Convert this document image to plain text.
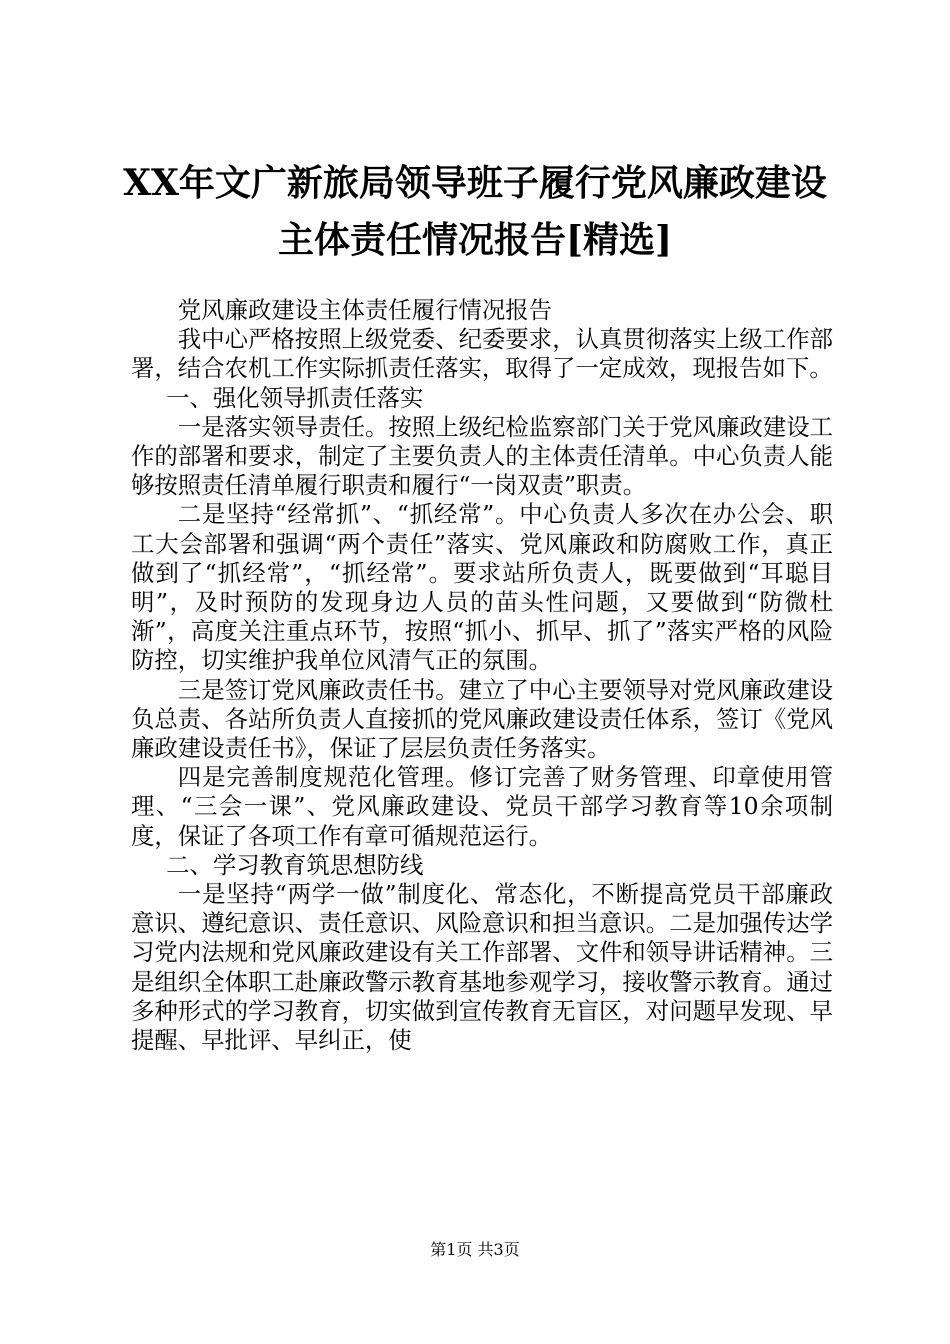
XX年文广新旅局领导班子履行党风廉政建设
主体责任情况报告[精选]

党风廉政建设主体责任履行情况报告

我中心严格按照上级党委、纪委要求，认真贯彻落实上级工作部署，结合农机工作实际抓责任落实，取得了一定成效，现报告如下。

一、强化领导抓责任落实

一是落实领导责任。按照上级纪检监察部门关于党风廉政建设工作的部署和要求，制定了主要负责人的主体责任清单。中心负责人能够按照责任清单履行职责和履行“一岗双责”职责。

二是坚持“经常抓”、“抓经常”。中心负责人多次在办公会、职工大会部署和强调“两个责任”落实、党风廉政和防腐败工作，真正做到了“抓经常”，“抓经常”。要求站所负责人，既要做到“耳聪目明”，及时预防的发现身边人员的苗头性问题，又要做到“防微杜渐”，高度关注重点环节，按照“抓小、抓早、抓了”落实严格的风险防控，切实维护我单位风清气正的氛围。

三是签订党风廉政责任书。建立了中心主要领导对党风廉政建设负总责、各站所负责人直接抓的党风廉政建设责任体系，签订《党风廉政建设责任书》，保证了层层负责任务落实。

四是完善制度规范化管理。修订完善了财务管理、印章使用管理、“三会一课”、党风廉政建设、党员干部学习教育等10余项制度，保证了各项工作有章可循规范运行。

二、学习教育筑思想防线

一是坚持“两学一做”制度化、常态化，不断提高党员干部廉政意识、遵纪意识、责任意识、风险意识和担当意识。二是加强传达学习党内法规和党风廉政建设有关工作部署、文件和领导讲话精神。三是组织全体职工赴廉政警示教育基地参观学习，接收警示教育。通过多种形式的学习教育，切实做到宣传教育无盲区，对问题早发现、早提醒、早批评、早纠正，使

第1页 共3页
